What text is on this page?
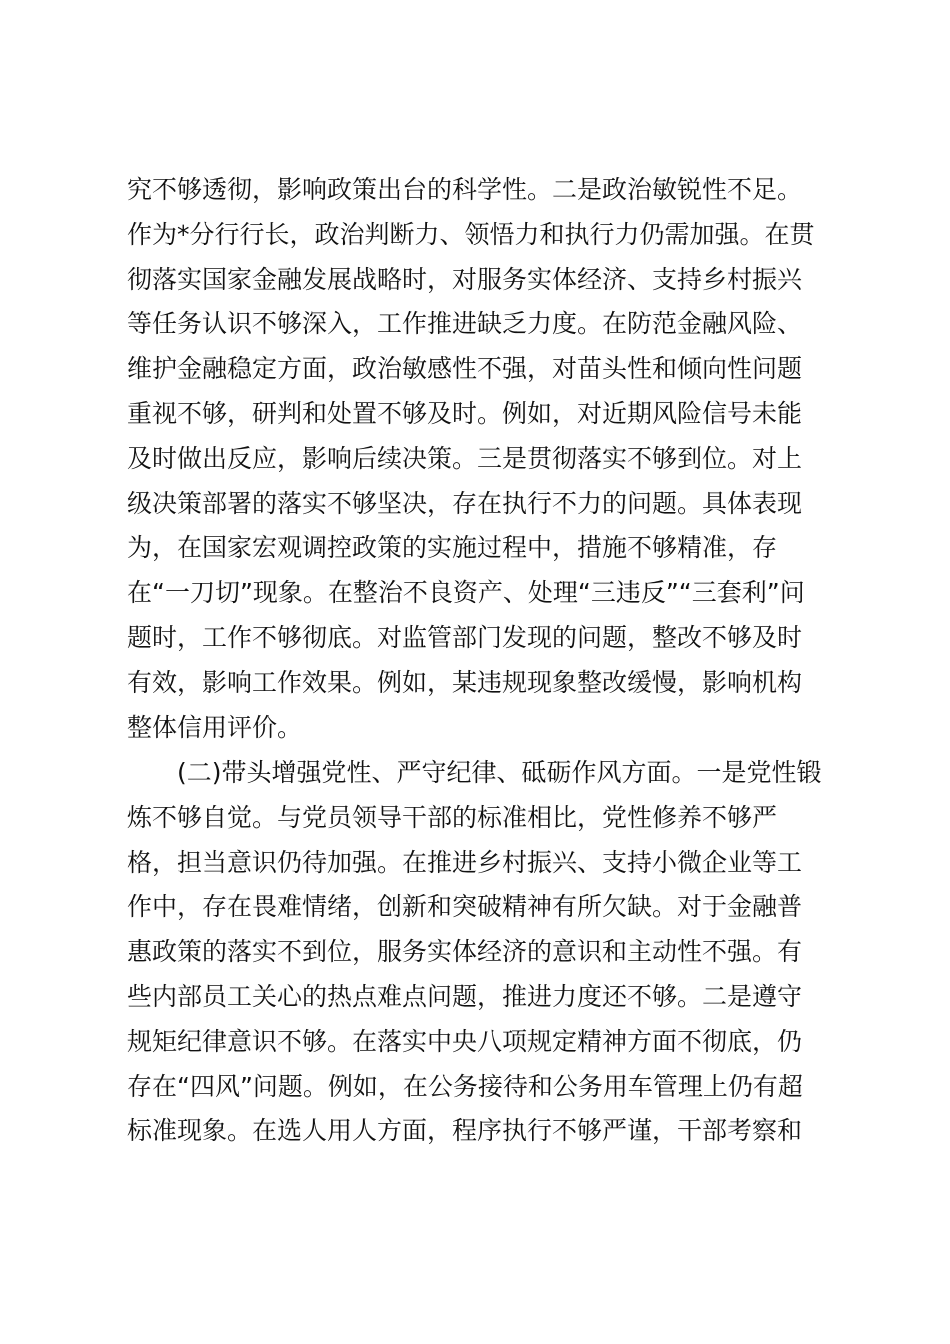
究不够透彻，影响政策出台的科学性。二是政治敏锐性不足。
作为*分行行长，政治判断力、领悟力和执行力仍需加强。在贯
彻落实国家金融发展战略时，对服务实体经济、支持乡村振兴
等任务认识不够深入，工作推进缺乏力度。在防范金融风险、
维护金融稳定方面，政治敏感性不强，对苗头性和倾向性问题
重视不够，研判和处置不够及时。例如，对近期风险信号未能
及时做出反应，影响后续决策。三是贯彻落实不够到位。对上
级决策部署的落实不够坚决，存在执行不力的问题。具体表现
为，在国家宏观调控政策的实施过程中，措施不够精准，存
在“一刀切”现象。在整治不良资产、处理“三违反”“三套利”问
题时，工作不够彻底。对监管部门发现的问题，整改不够及时
有效，影响工作效果。例如，某违规现象整改缓慢，影响机构
整体信用评价。
(二)带头增强党性、严守纪律、砥砺作风方面。一是党性锻
炼不够自觉。与党员领导干部的标准相比，党性修养不够严
格，担当意识仍待加强。在推进乡村振兴、支持小微企业等工
作中，存在畏难情绪，创新和突破精神有所欠缺。对于金融普
惠政策的落实不到位，服务实体经济的意识和主动性不强。有
些内部员工关心的热点难点问题，推进力度还不够。二是遵守
规矩纪律意识不够。在落实中央八项规定精神方面不彻底，仍
存在“四风”问题。例如，在公务接待和公务用车管理上仍有超
标准现象。在选人用人方面，程序执行不够严谨，干部考察和
